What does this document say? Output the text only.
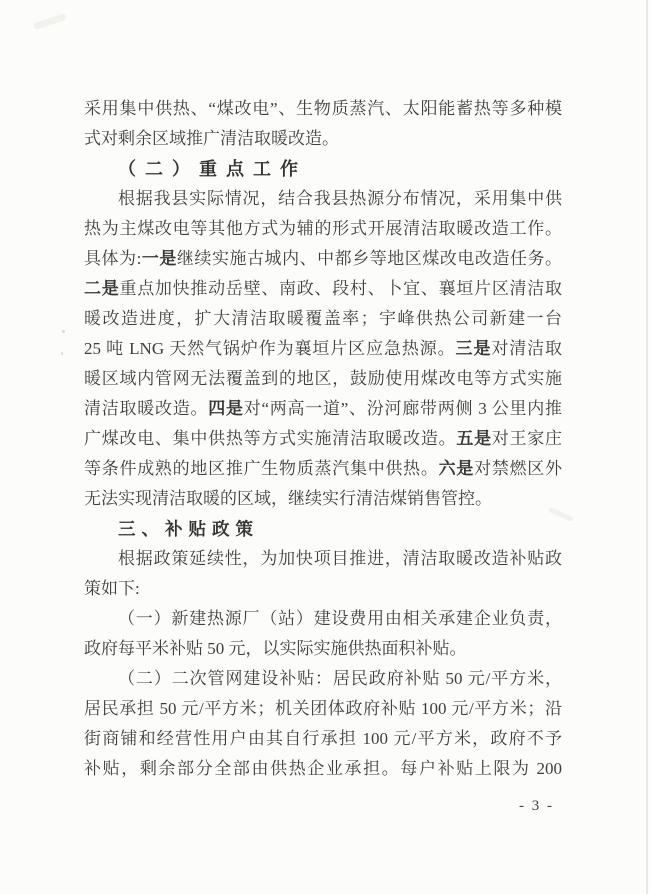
采用集中供热、“煤改电”、生物质蒸汽、太阳能蓄热等多种模
式对剩余区域推广清洁取暖改造。
（二）重点工作
根据我县实际情况，结合我县热源分布情况，采用集中供
热为主煤改电等其他方式为辅的形式开展清洁取暖改造工作。
具体为:一是继续实施古城内、中都乡等地区煤改电改造任务。
二是重点加快推动岳壁、南政、段村、卜宜、襄垣片区清洁取
暖改造进度，扩大清洁取暖覆盖率；宇峰供热公司新建一台
25 吨 LNG 天然气锅炉作为襄垣片区应急热源。三是对清洁取
暖区域内管网无法覆盖到的地区，鼓励使用煤改电等方式实施
清洁取暖改造。四是对“两高一道”、汾河廊带两侧 3 公里内推
广煤改电、集中供热等方式实施清洁取暖改造。五是对王家庄
等条件成熟的地区推广生物质蒸汽集中供热。六是对禁燃区外
无法实现清洁取暖的区域，继续实行清洁煤销售管控。
三、补贴政策
根据政策延续性，为加快项目推进，清洁取暖改造补贴政
策如下:
（一）新建热源厂（站）建设费用由相关承建企业负责，
政府每平米补贴 50 元，以实际实施供热面积补贴。
（二）二次管网建设补贴：居民政府补贴 50 元/平方米，
居民承担 50 元/平方米；机关团体政府补贴 100 元/平方米；沿
街商铺和经营性用户由其自行承担 100 元/平方米，政府不予
补贴，剩余部分全部由供热企业承担。每户补贴上限为 200
- 3 -
